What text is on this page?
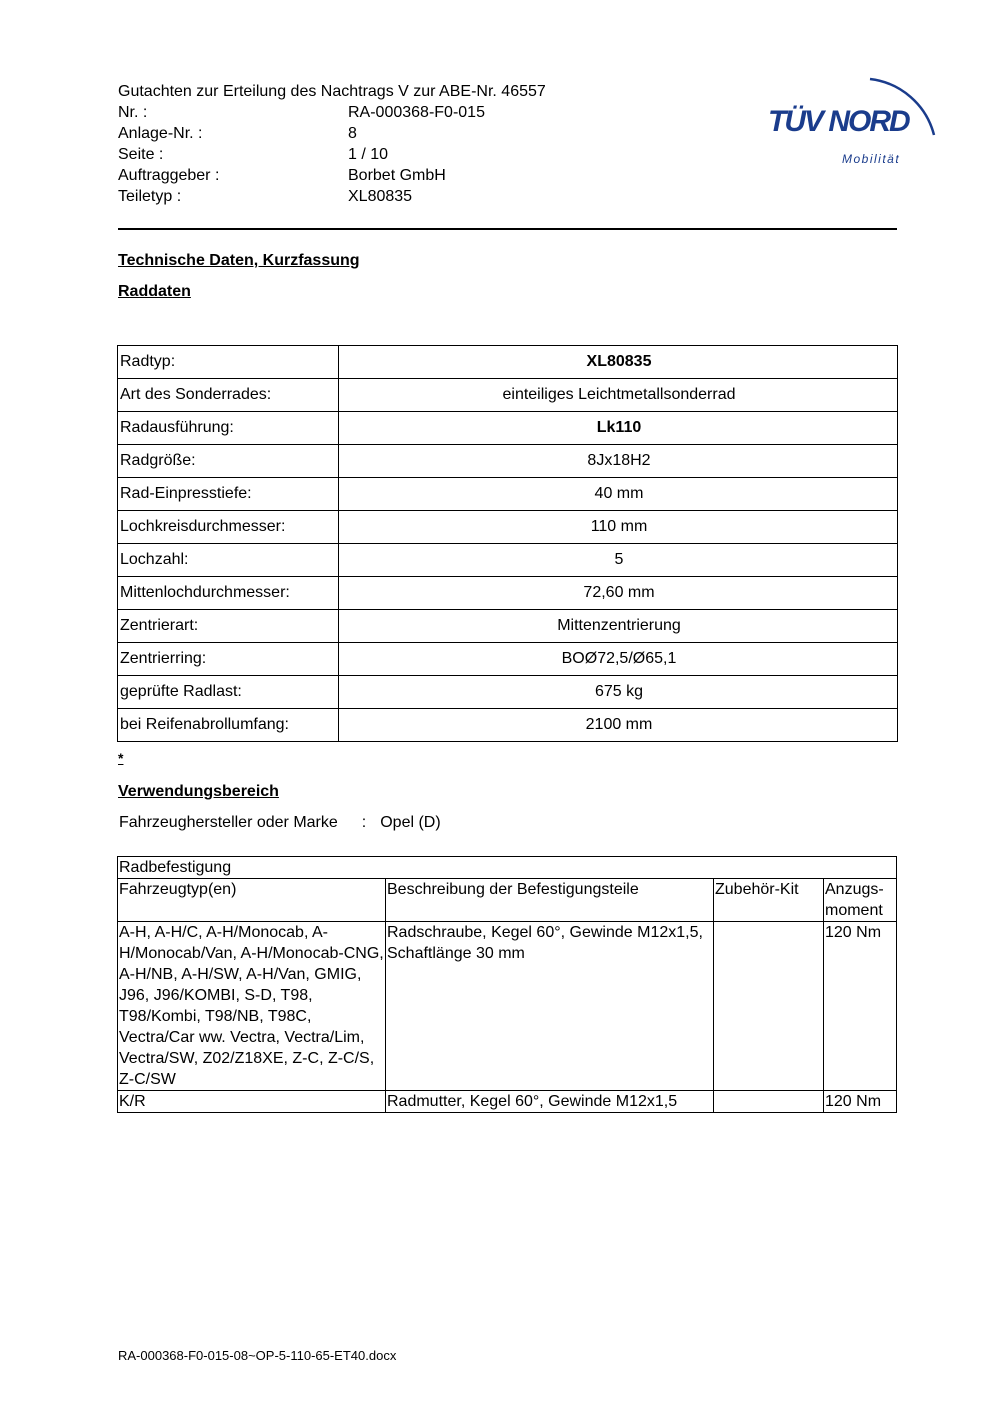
Gutachten zur Erteilung des Nachtrags V zur ABE-Nr. 46557
Nr. :	RA-000368-F0-015
Anlage-Nr. :	8
Seite :	1 / 10
Auftraggeber :	Borbet GmbH
Teiletyp :	XL80835
TÜV NORD
Mobilität
Technische Daten, Kurzfassung
Raddaten
Radtyp:	XL80835
Art des Sonderrades:	einteiliges Leichtmetallsonderrad
Radausführung:	Lk110
Radgröße:	8Jx18H2
Rad-Einpresstiefe:	40 mm
Lochkreisdurchmesser:	110 mm
Lochzahl:	5
Mittenlochdurchmesser:	72,60 mm
Zentrierart:	Mittenzentrierung
Zentrierring:	BOØ72,5/Ø65,1
geprüfte Radlast:	675 kg
bei Reifenabrollumfang:	2100 mm
*
Verwendungsbereich
Fahrzeughersteller oder Marke : Opel (D)
Radbefestigung			
Fahrzeugtyp(en)	Beschreibung der Befestigungsteile	Zubehör-Kit	Anzugs-moment
A-H, A-H/C, A-H/Monocab, A-H/Monocab/Van, A-H/Monocab-CNG, A-H/NB, A-H/SW, A-H/Van, GMIG, J96, J96/KOMBI, S-D, T98, T98/Kombi, T98/NB, T98C, Vectra/Car ww. Vectra, Vectra/Lim, Vectra/SW, Z02/Z18XE, Z-C, Z-C/S, Z-C/SW	Radschraube, Kegel 60°, Gewinde M12x1,5, Schaftlänge 30 mm		120 Nm
K/R	Radmutter, Kegel 60°, Gewinde M12x1,5		120 Nm
RA-000368-F0-015-08~OP-5-110-65-ET40.docx
